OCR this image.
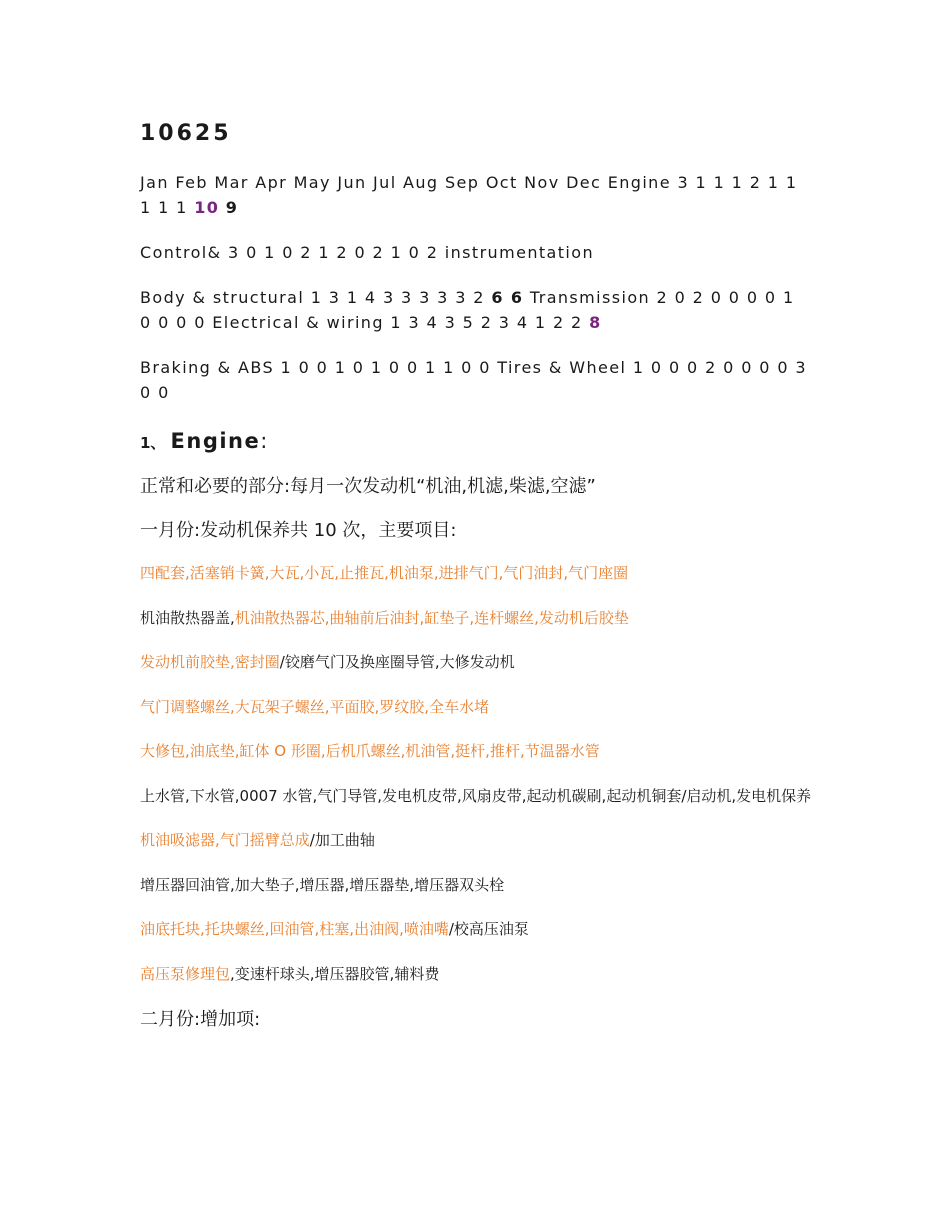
10625

Jan Feb Mar Apr May Jun Jul Aug Sep Oct Nov Dec Engine 3 1 1 1 2 1 1 1 1 1 10 9

Control& 3 0 1 0 2 1 2 0 2 1 0 2 instrumentation

Body & structural 1 3 1 4 3 3 3 3 3 2 6 6 Transmission 2 0 2 0 0 0 0 1 0 0 0 0 Electrical & wiring 1 3 4 3 5 2 3 4 1 2 2 8

Braking & ABS 1 0 0 1 0 1 0 0 1 1 0 0 Tires & Wheel 1 0 0 0 2 0 0 0 0 3 0 0

1、 Engine:

正常和必要的部分:每月一次发动机“机油,机滤,柴滤,空滤”

一月份:发动机保养共 10 次，主要项目:

四配套,活塞销卡簧,大瓦,小瓦,止推瓦,机油泵,进排气门,气门油封,气门座圈

机油散热器盖,机油散热器芯,曲轴前后油封,缸垫子,连杆螺丝,发动机后胶垫

发动机前胶垫,密封圈/铰磨气门及换座圈导管,大修发动机

气门调整螺丝,大瓦架子螺丝,平面胶,罗纹胶,全车水堵

大修包,油底垫,缸体 O 形圈,后机爪螺丝,机油管,挺杆,推杆,节温器水管

上水管,下水管,0007 水管,气门导管,发电机皮带,风扇皮带,起动机碳刷,起动机铜套/启动机,发电机保养

机油吸滤器,气门摇臂总成/加工曲轴

增压器回油管,加大垫子,增压器,增压器垫,增压器双头栓

油底托块,托块螺丝,回油管,柱塞,出油阀,喷油嘴/校高压油泵

高压泵修理包,变速杆球头,增压器胶管,辅料费

二月份:增加项:
